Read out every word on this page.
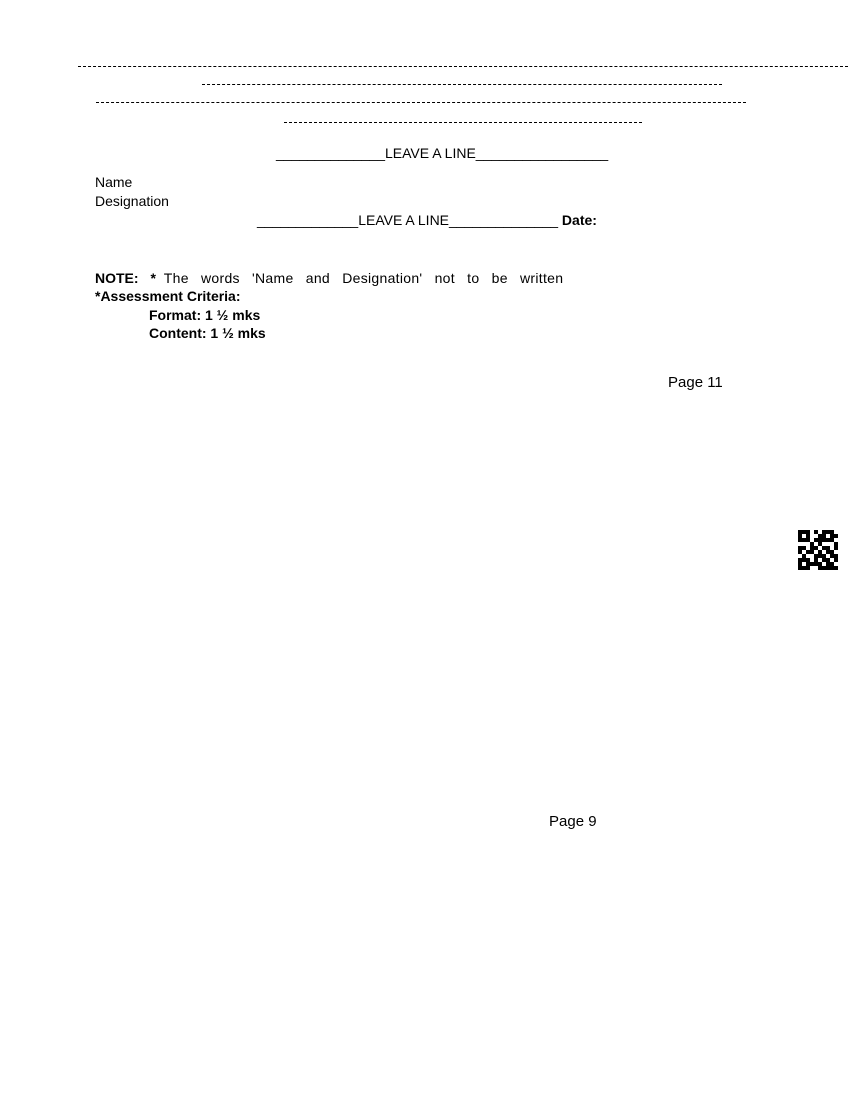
______________LEAVE A LINE_________________
Name
Designation
_____________LEAVE A LINE______________ Date:
NOTE: * The words 'Name and Designation' not to be written
*Assessment Criteria:
Format: 1 ½ mks
Content: 1 ½ mks
Page 11
Page 9
